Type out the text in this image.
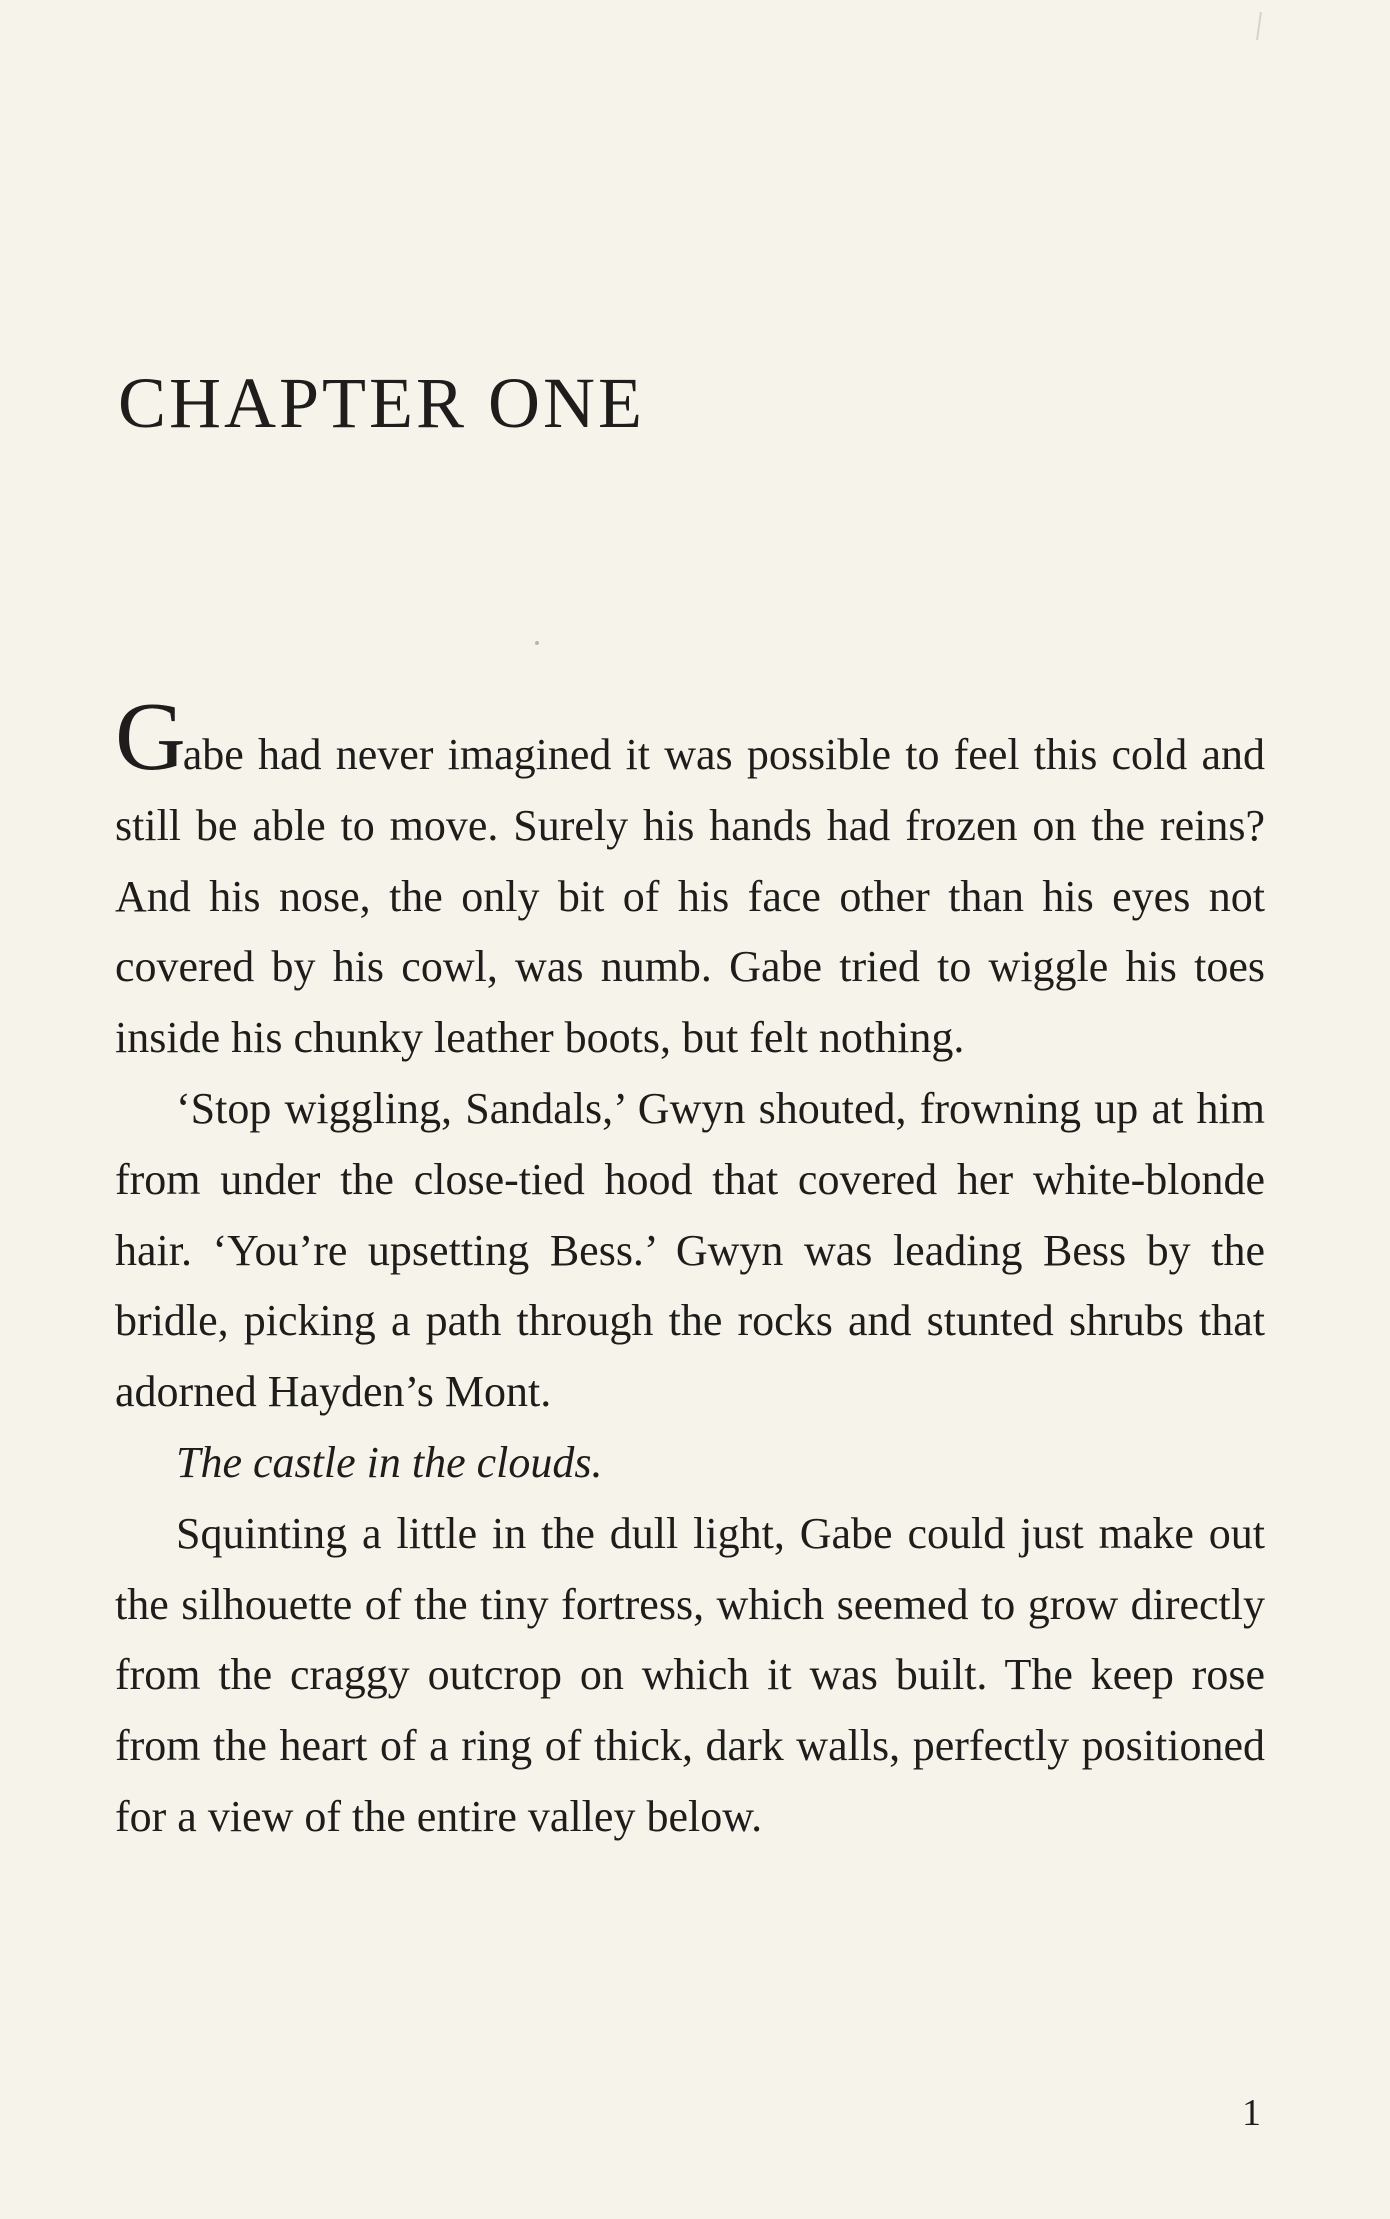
CHAPTER ONE

Gabe had never imagined it was possible to feel this cold and still be able to move. Surely his hands had frozen on the reins? And his nose, the only bit of his face other than his eyes not covered by his cowl, was numb. Gabe tried to wiggle his toes inside his chunky leather boots, but felt nothing.

‘Stop wiggling, Sandals,’ Gwyn shouted, frowning up at him from under the close-tied hood that covered her white-blonde hair. ‘You’re upsetting Bess.’ Gwyn was leading Bess by the bridle, picking a path through the rocks and stunted shrubs that adorned Hayden’s Mont.

The castle in the clouds.

Squinting a little in the dull light, Gabe could just make out the silhouette of the tiny fortress, which seemed to grow directly from the craggy outcrop on which it was built. The keep rose from the heart of a ring of thick, dark walls, perfectly positioned for a view of the entire valley below.

1
